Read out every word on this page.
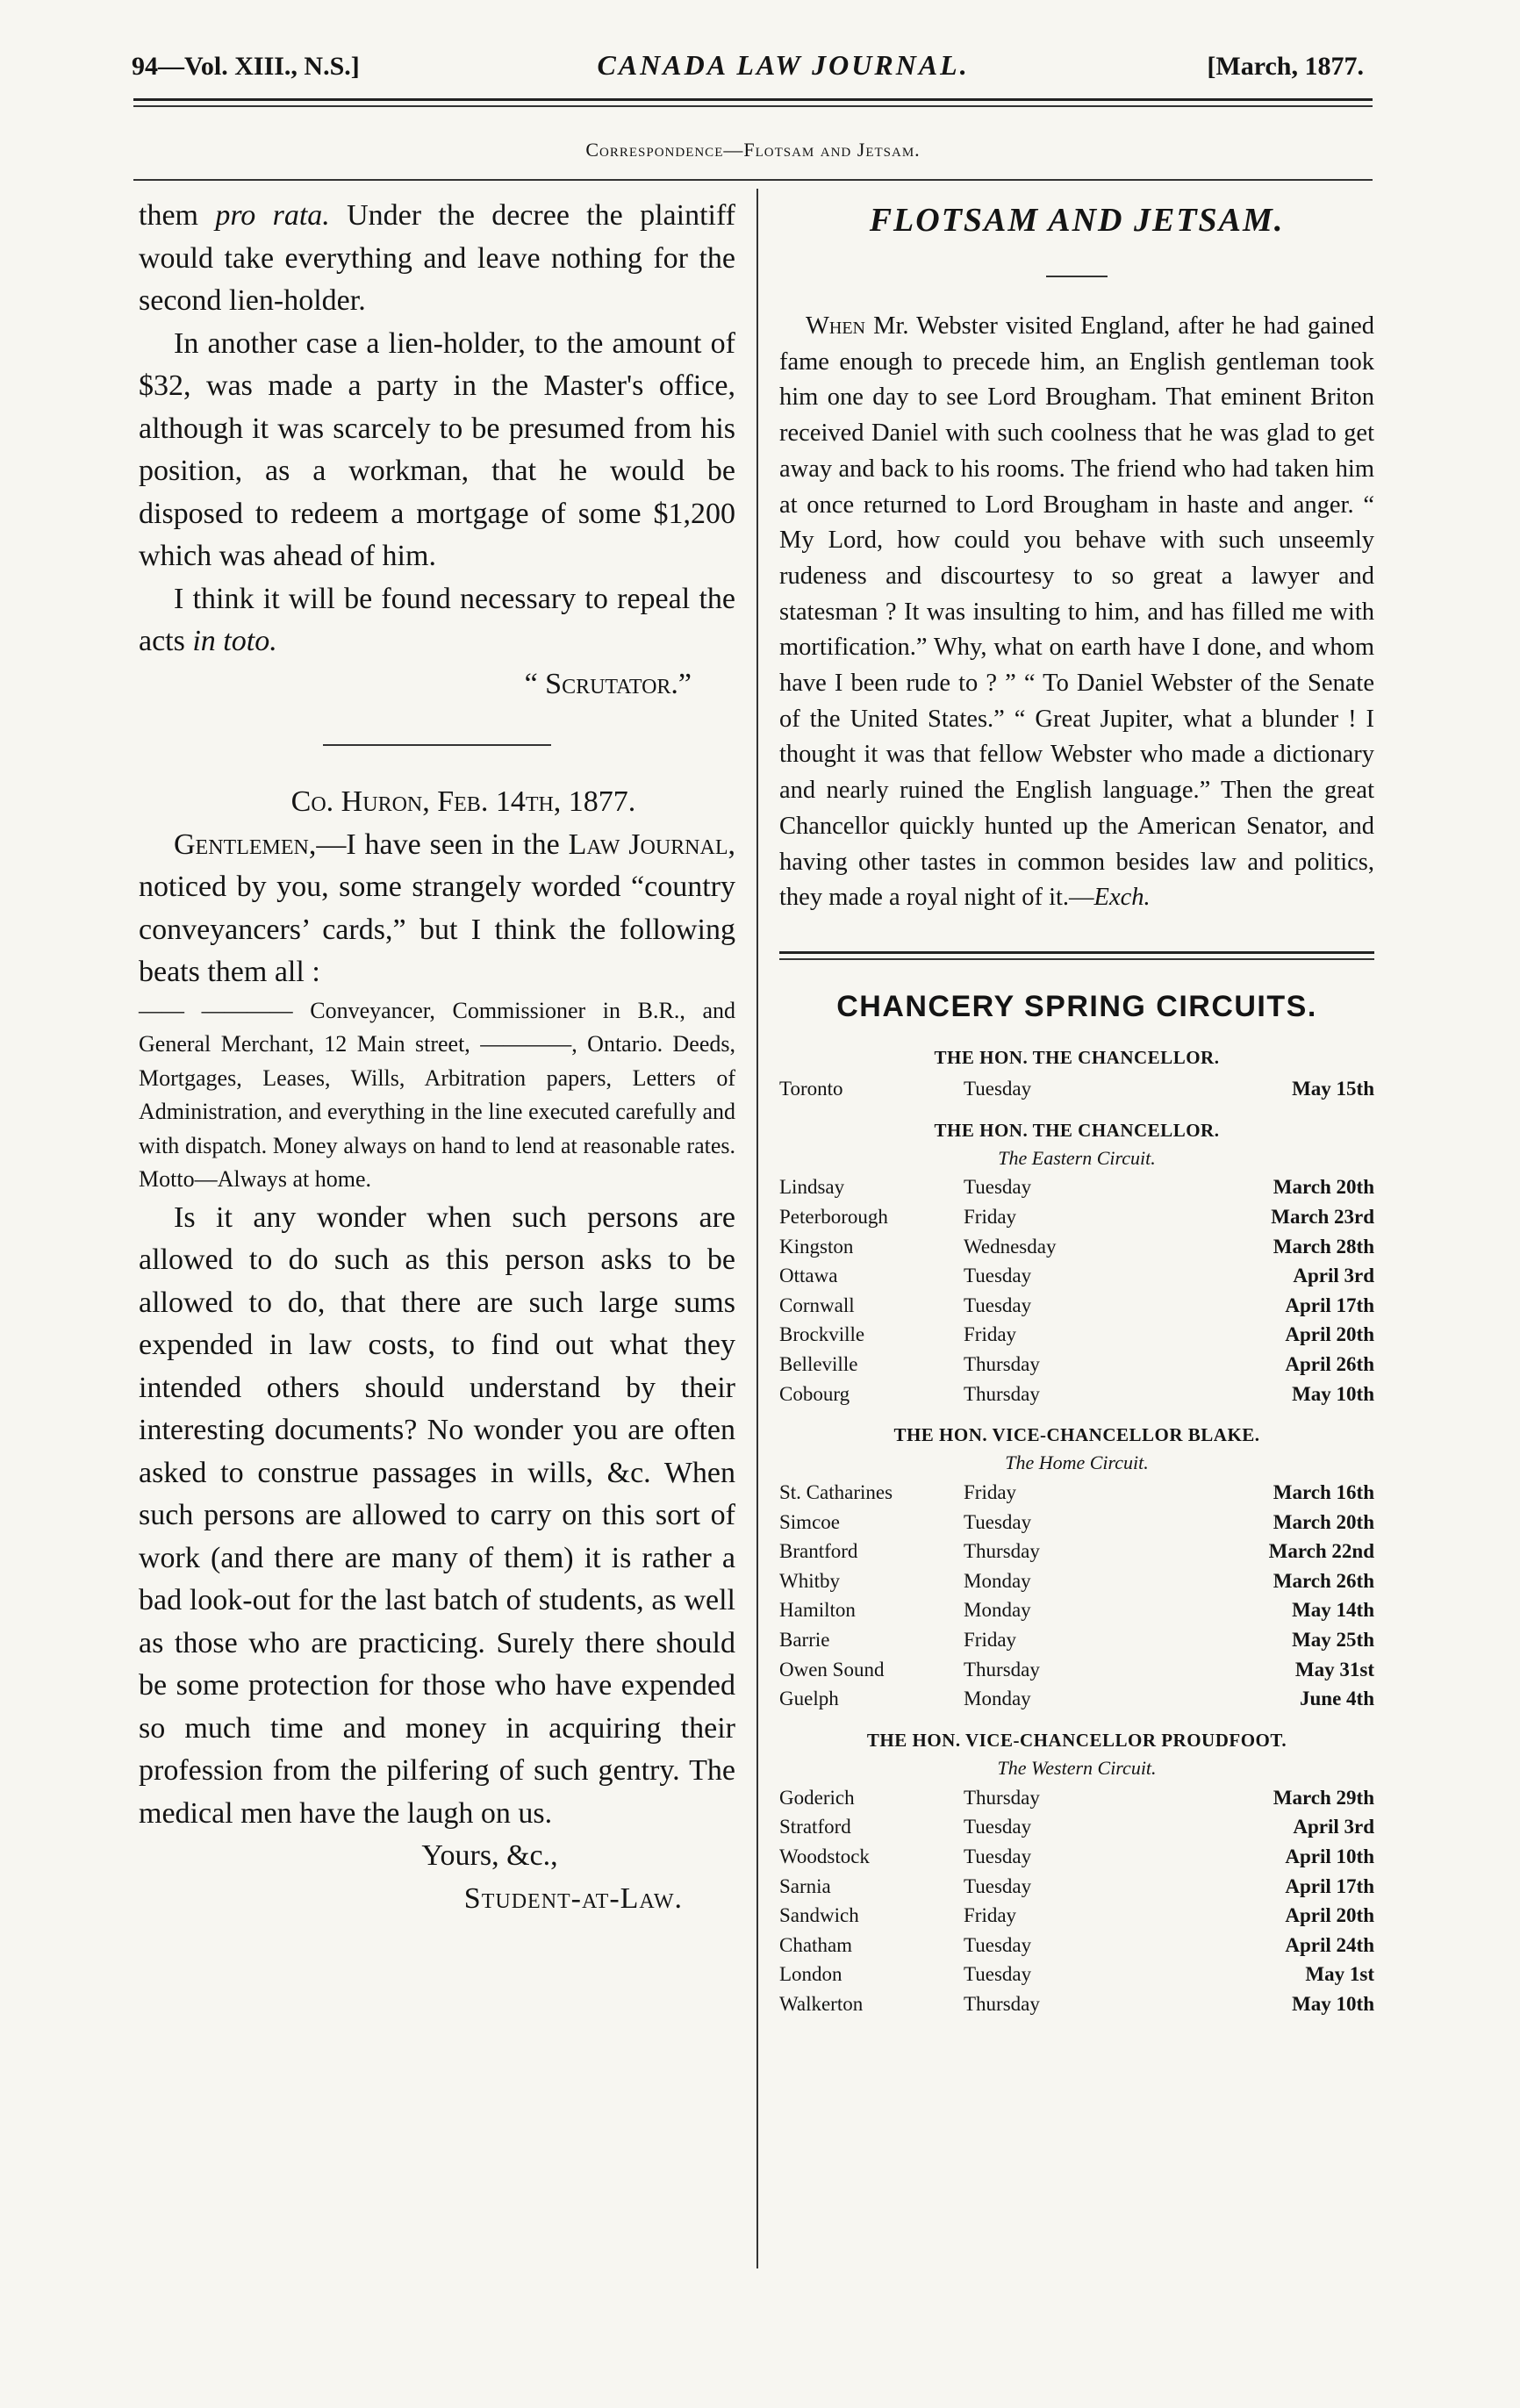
94—Vol. XIII., N.S.]	CANADA LAW JOURNAL.	[March, 1877.
Correspondence—Flotsam and Jetsam.

them pro rata. Under the decree the plaintiff would take everything and leave nothing for the second lien-holder.

In another case a lien-holder, to the amount of $32, was made a party in the Master's office, although it was scarcely to be presumed from his position, as a workman, that he would be disposed to redeem a mortgage of some $1,200 which was ahead of him.

I think it will be found necessary to repeal the acts in toto.

“ Scrutator.”

Co. Huron, Feb. 14th, 1877.

Gentlemen,—I have seen in the Law Journal, noticed by you, some strangely worded “country conveyancers’ cards,” but I think the following beats them all :

—— ———— Conveyancer, Commissioner in B.R., and General Merchant, 12 Main street, ————, Ontario. Deeds, Mortgages, Leases, Wills, Arbitration papers, Letters of Administration, and everything in the line executed carefully and with dispatch. Money always on hand to lend at reasonable rates. Motto—Always at home.

Is it any wonder when such persons are allowed to do such as this person asks to be allowed to do, that there are such large sums expended in law costs, to find out what they intended others should understand by their interesting documents? No wonder you are often asked to construe passages in wills, &c. When such persons are allowed to carry on this sort of work (and there are many of them) it is rather a bad look-out for the last batch of students, as well as those who are practicing. Surely there should be some protection for those who have expended so much time and money in acquiring their profession from the pilfering of such gentry. The medical men have the laugh on us.

Yours, &c.,

Student-at-Law.

FLOTSAM AND JETSAM.

When Mr. Webster visited England, after he had gained fame enough to precede him, an English gentleman took him one day to see Lord Brougham. That eminent Briton received Daniel with such coolness that he was glad to get away and back to his rooms. The friend who had taken him at once returned to Lord Brougham in haste and anger. “ My Lord, how could you behave with such unseemly rudeness and discourtesy to so great a lawyer and statesman ? It was insulting to him, and has filled me with mortification.” Why, what on earth have I done, and whom have I been rude to ? ” “ To Daniel Webster of the Senate of the United States.” “ Great Jupiter, what a blunder ! I thought it was that fellow Webster who made a dictionary and nearly ruined the English language.” Then the great Chancellor quickly hunted up the American Senator, and having other tastes in common besides law and politics, they made a royal night of it.—Exch.

CHANCERY SPRING CIRCUITS.
THE HON. THE CHANCELLOR.
Toronto	Tuesday	May 15th
THE HON. THE CHANCELLOR.
The Eastern Circuit.
Lindsay	Tuesday	March 20th
Peterborough	Friday	March 23rd
Kingston	Wednesday	March 28th
Ottawa	Tuesday	April 3rd
Cornwall	Tuesday	April 17th
Brockville	Friday	April 20th
Belleville	Thursday	April 26th
Cobourg	Thursday	May 10th
THE HON. VICE-CHANCELLOR BLAKE.
The Home Circuit.
St. Catharines	Friday	March 16th
Simcoe	Tuesday	March 20th
Brantford	Thursday	March 22nd
Whitby	Monday	March 26th
Hamilton	Monday	May 14th
Barrie	Friday	May 25th
Owen Sound	Thursday	May 31st
Guelph	Monday	June 4th
THE HON. VICE-CHANCELLOR PROUDFOOT.
The Western Circuit.
Goderich	Thursday	March 29th
Stratford	Tuesday	April 3rd
Woodstock	Tuesday	April 10th
Sarnia	Tuesday	April 17th
Sandwich	Friday	April 20th
Chatham	Tuesday	April 24th
London	Tuesday	May 1st
Walkerton	Thursday	May 10th
